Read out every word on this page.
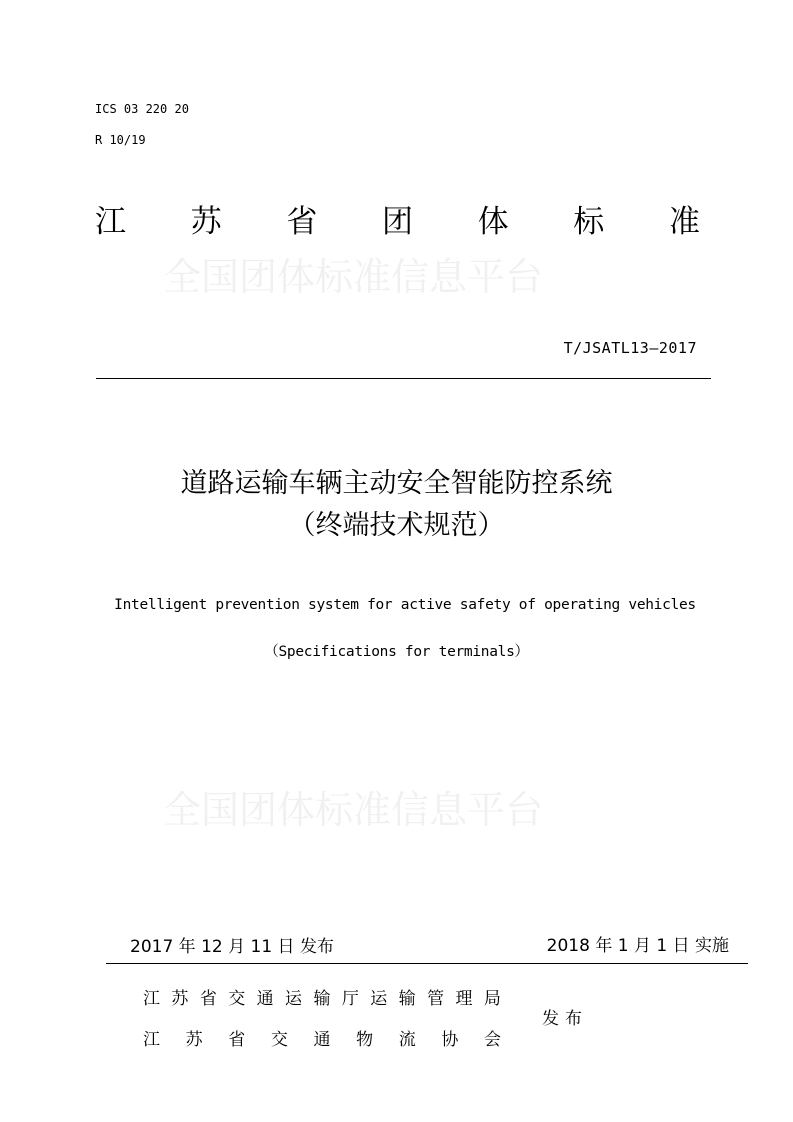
ICS 03 220 20
R 10/19
江 苏 省 团 体 标 准
全国团体标准信息平台
T/JSATL13—2017
道路运输车辆主动安全智能防控系统
（终端技术规范）
Intelligent prevention system for active safety of operating vehicles
（Specifications for terminals）
全国团体标准信息平台
2017 年 12 月 11 日 发布	2018 年 1 月 1 日 实施
江 苏 省 交 通 运 输 厅 运 输 管 理 局
江 苏 省 交 通 物 流 协 会
发布
